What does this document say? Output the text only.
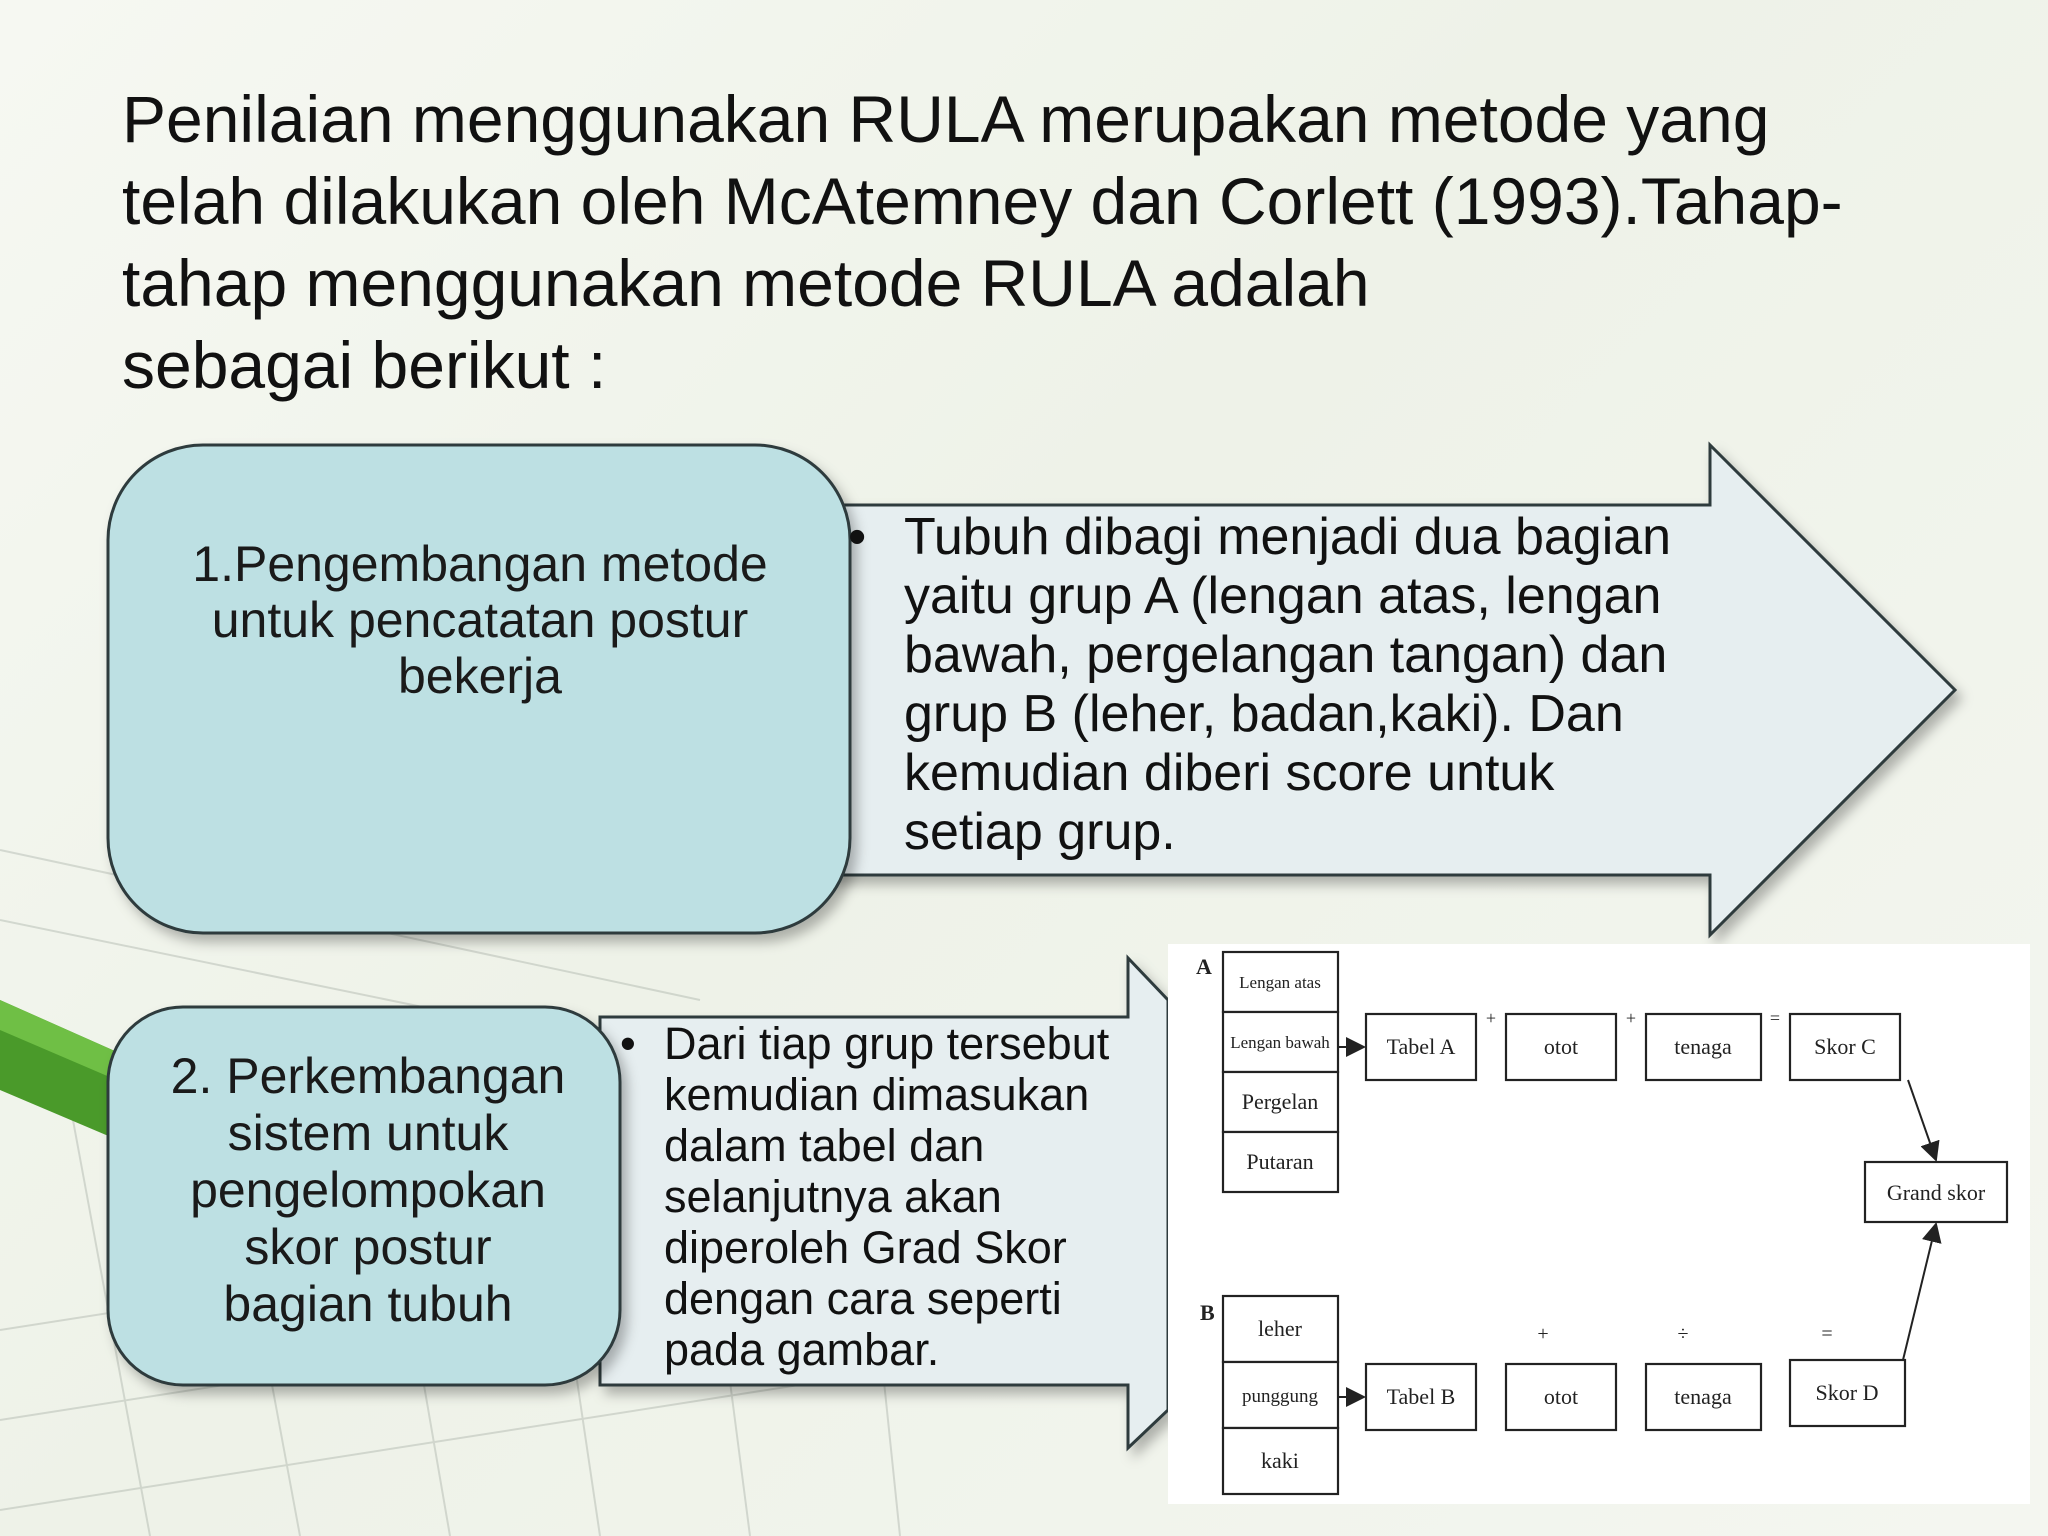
Penilaian menggunakan RULA merupakan metode yang
telah dilakukan oleh McAtemney dan Corlett (1993).Tahap-
tahap menggunakan metode RULA adalah
sebagai berikut :
1.Pengembangan metode
untuk pencatatan postur
bekerja
• Tubuh dibagi menjadi dua bagian
yaitu grup A (lengan atas, lengan
bawah, pergelangan tangan) dan
grup B (leher, badan,kaki). Dan
kemudian diberi score untuk
setiap grup.
2. Perkembangan
sistem untuk
pengelompokan
skor postur
bagian tubuh
• Dari tiap grup tersebut
kemudian dimasukan
dalam tabel dan
selanjutnya akan
diperoleh Grad Skor
dengan cara seperti
pada gambar.
A
B
Lengan atas
Lengan bawah
Pergelan
Putaran
Tabel A	otot	tenaga	Skor C
+	+	=
Grand skor
leher
punggung
kaki
Tabel B	otot	tenaga	Skor D
+	÷	=
